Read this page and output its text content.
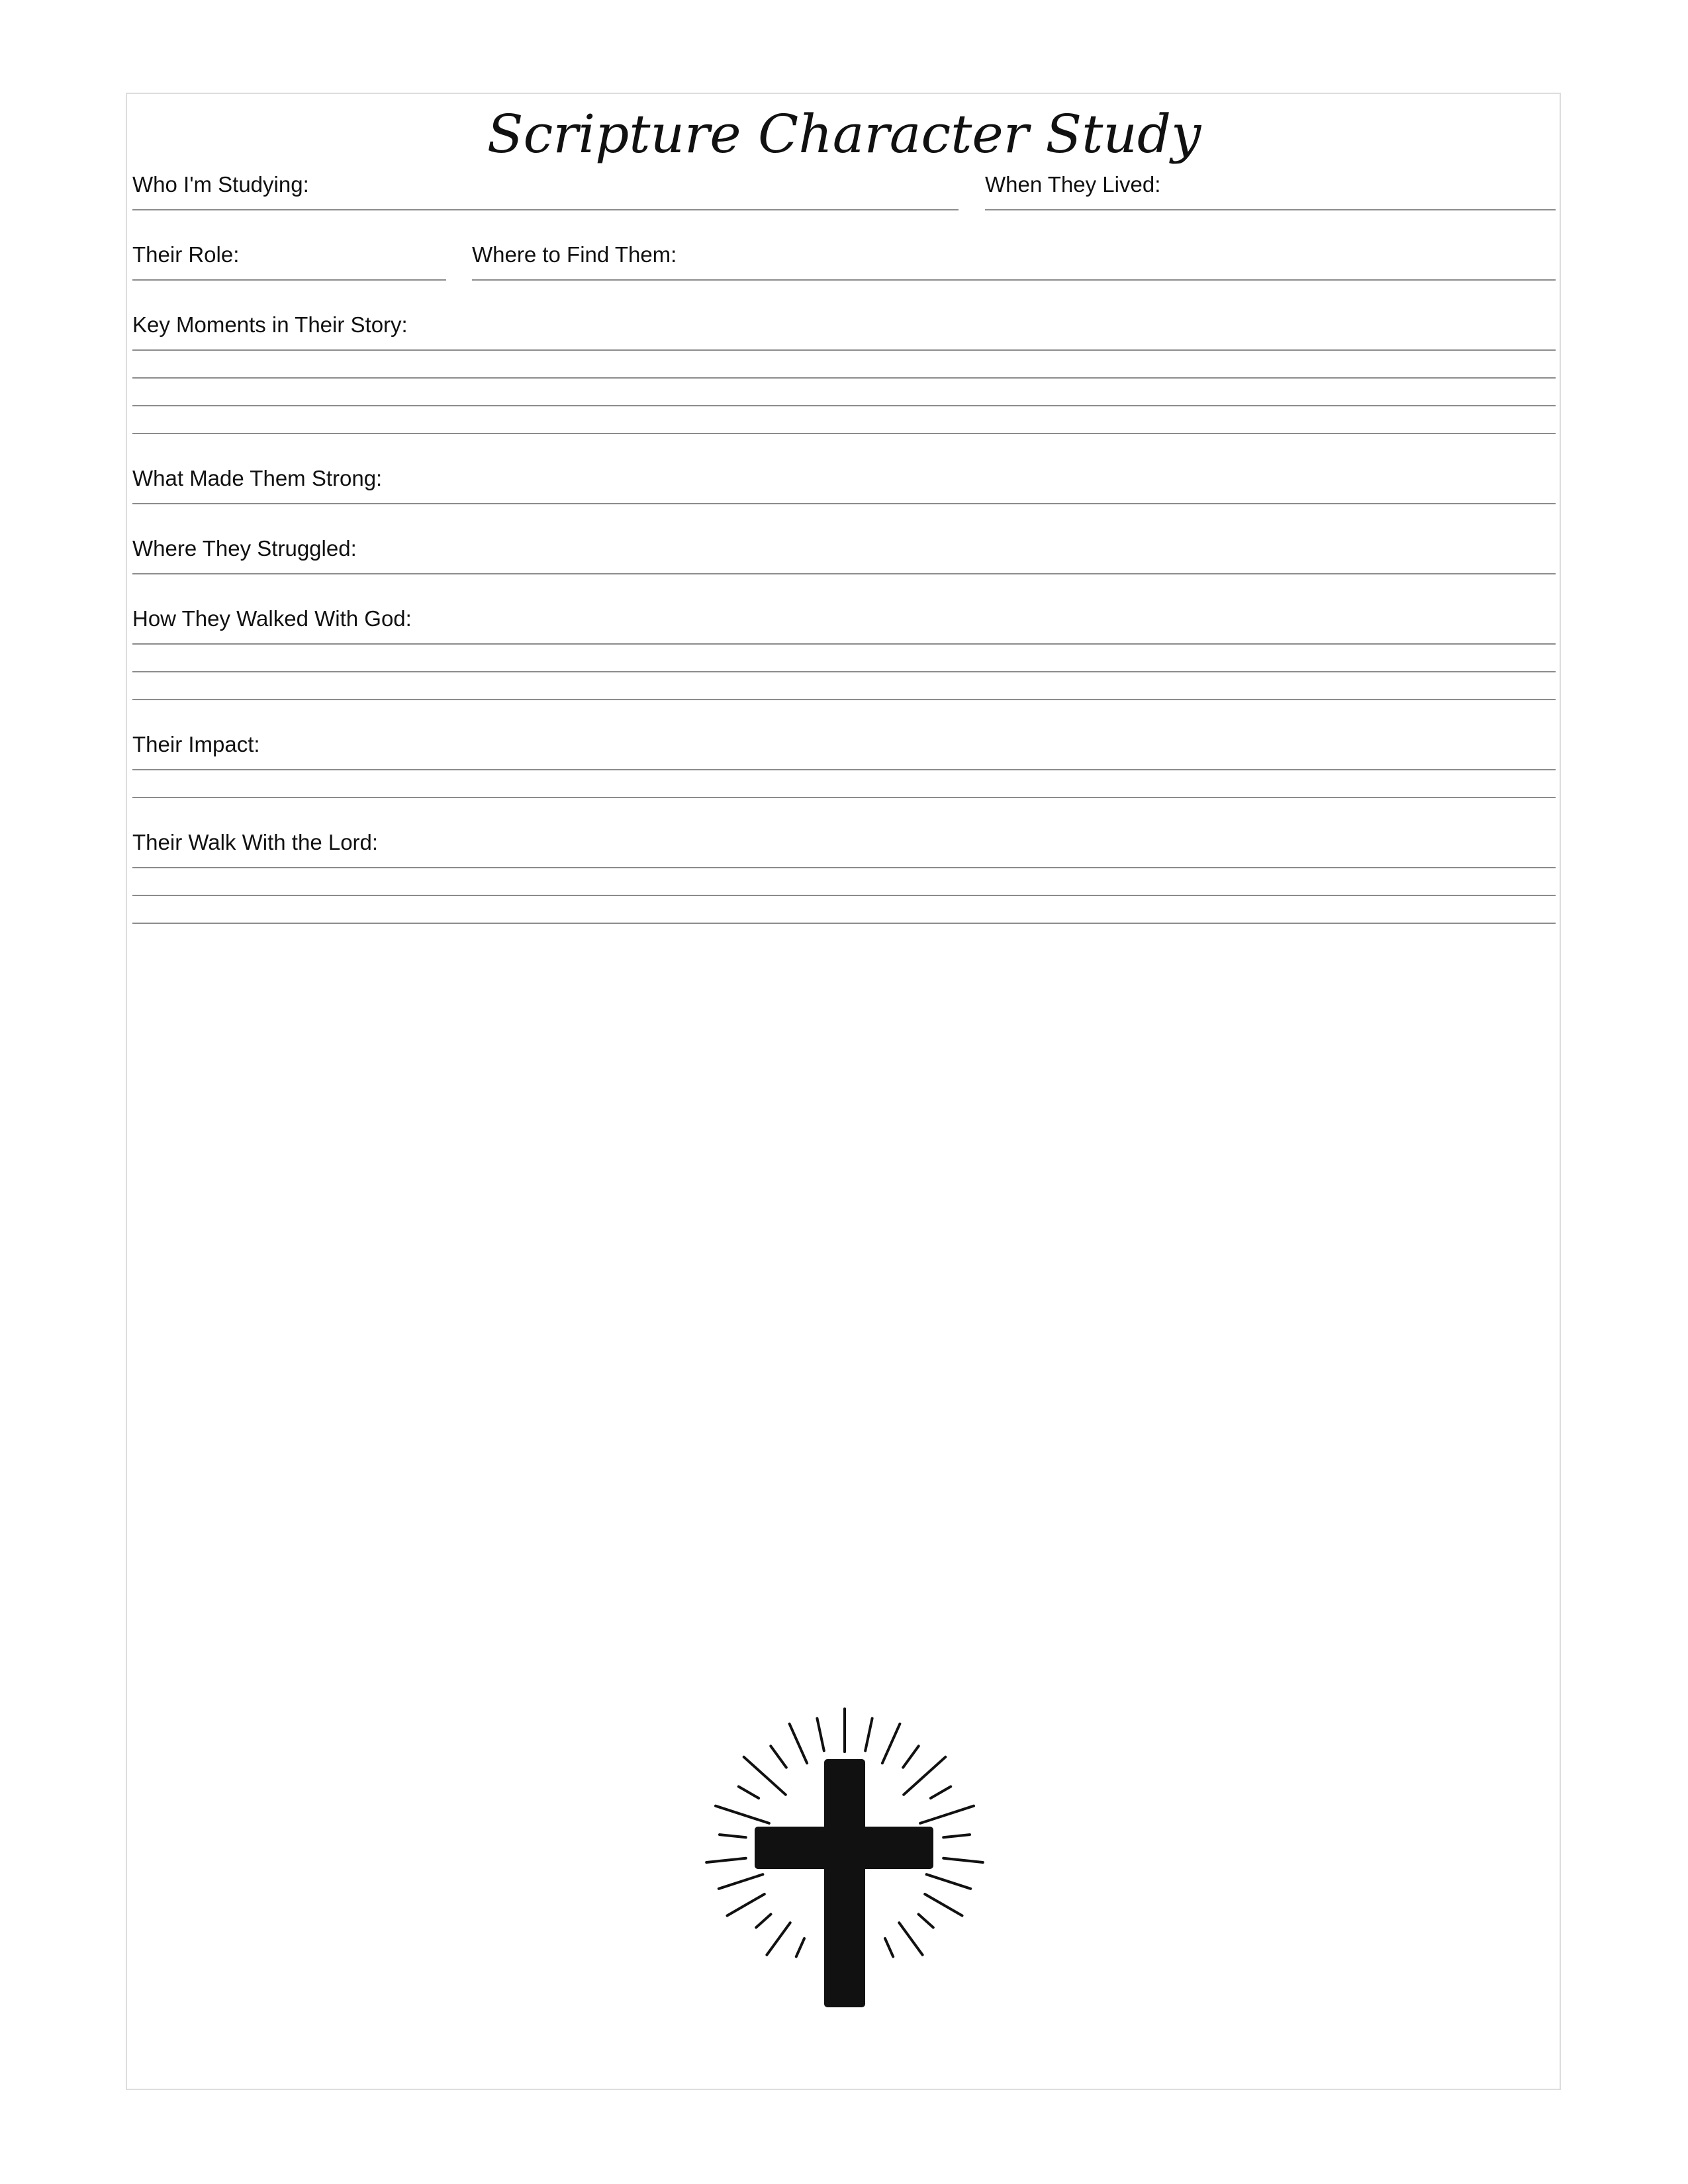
Scripture Character Study
Who I'm Studying:	When They Lived:
Their Role:	Where to Find Them:
Key Moments in Their Story:
What Made Them Strong:
Where They Struggled:
How They Walked With God:
Their Impact:
Their Walk With the Lord:
